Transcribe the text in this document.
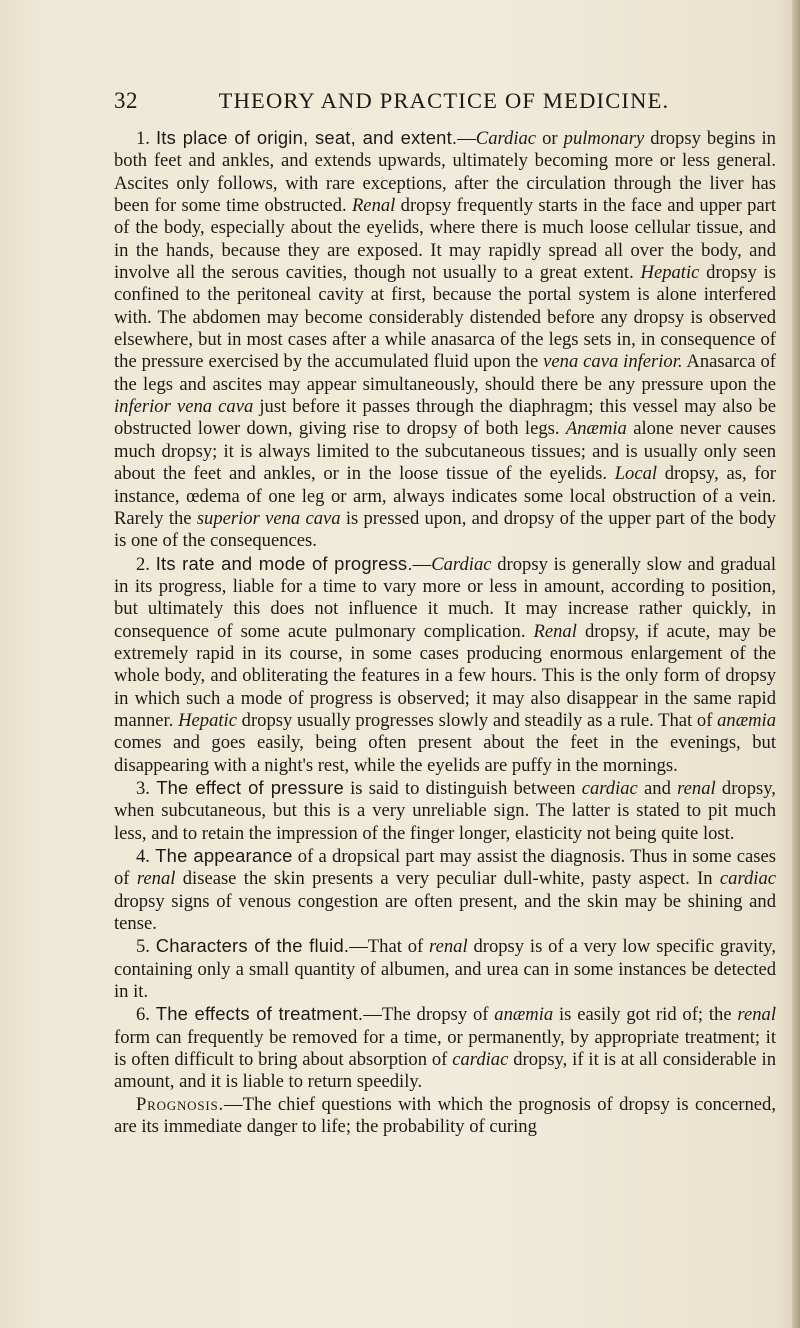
32	THEORY AND PRACTICE OF MEDICINE.

1. Its place of origin, seat, and extent.—Cardiac or pulmonary dropsy begins in both feet and ankles, and extends upwards, ultimately becoming more or less general. Ascites only follows, with rare exceptions, after the circulation through the liver has been for some time obstructed. Renal dropsy frequently starts in the face and upper part of the body, especially about the eyelids, where there is much loose cellular tissue, and in the hands, because they are exposed. It may rapidly spread all over the body, and involve all the serous cavities, though not usually to a great extent. Hepatic dropsy is confined to the peritoneal cavity at first, because the portal system is alone interfered with. The abdomen may become considerably distended before any dropsy is observed elsewhere, but in most cases after a while anasarca of the legs sets in, in consequence of the pressure exercised by the accumulated fluid upon the vena cava inferior. Anasarca of the legs and ascites may appear simultaneously, should there be any pressure upon the inferior vena cava just before it passes through the diaphragm; this vessel may also be obstructed lower down, giving rise to dropsy of both legs. Anæmia alone never causes much dropsy; it is always limited to the subcutaneous tissues; and is usually only seen about the feet and ankles, or in the loose tissue of the eyelids. Local dropsy, as, for instance, œdema of one leg or arm, always indicates some local obstruction of a vein. Rarely the superior vena cava is pressed upon, and dropsy of the upper part of the body is one of the consequences.

2. Its rate and mode of progress.—Cardiac dropsy is generally slow and gradual in its progress, liable for a time to vary more or less in amount, according to position, but ultimately this does not influence it much. It may increase rather quickly, in consequence of some acute pulmonary complication. Renal dropsy, if acute, may be extremely rapid in its course, in some cases producing enormous enlargement of the whole body, and obliterating the features in a few hours. This is the only form of dropsy in which such a mode of progress is observed; it may also disappear in the same rapid manner. Hepatic dropsy usually progresses slowly and steadily as a rule. That of anæmia comes and goes easily, being often present about the feet in the evenings, but disappearing with a night's rest, while the eyelids are puffy in the mornings.

3. The effect of pressure is said to distinguish between cardiac and renal dropsy, when subcutaneous, but this is a very unreliable sign. The latter is stated to pit much less, and to retain the impression of the finger longer, elasticity not being quite lost.

4. The appearance of a dropsical part may assist the diagnosis. Thus in some cases of renal disease the skin presents a very peculiar dull-white, pasty aspect. In cardiac dropsy signs of venous congestion are often present, and the skin may be shining and tense.

5. Characters of the fluid.—That of renal dropsy is of a very low specific gravity, containing only a small quantity of albumen, and urea can in some instances be detected in it.

6. The effects of treatment.—The dropsy of anæmia is easily got rid of; the renal form can frequently be removed for a time, or permanently, by appropriate treatment; it is often difficult to bring about absorption of cardiac dropsy, if it is at all considerable in amount, and it is liable to return speedily.

Prognosis.—The chief questions with which the prognosis of dropsy is concerned, are its immediate danger to life; the probability of curing
